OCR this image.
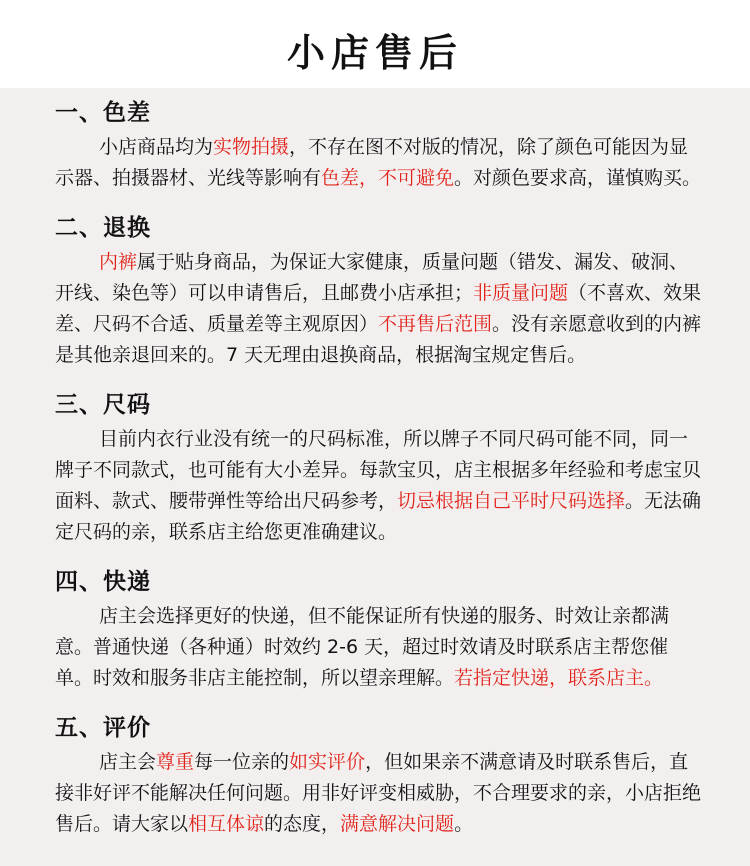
小店售后
一、色差
小店商品均为实物拍摄，不存在图不对版的情况，除了颜色可能因为显示器、拍摄器材、光线等影响有色差，不可避免。对颜色要求高，谨慎购买。
二、退换
内裤属于贴身商品，为保证大家健康，质量问题（错发、漏发、破洞、开线、染色等）可以申请售后，且邮费小店承担；非质量问题（不喜欢、效果差、尺码不合适、质量差等主观原因）不再售后范围。没有亲愿意收到的内裤是其他亲退回来的。7 天无理由退换商品，根据淘宝规定售后。
三、尺码
目前内衣行业没有统一的尺码标准，所以牌子不同尺码可能不同，同一牌子不同款式，也可能有大小差异。每款宝贝，店主根据多年经验和考虑宝贝面料、款式、腰带弹性等给出尺码参考，切忌根据自己平时尺码选择。无法确定尺码的亲，联系店主给您更准确建议。
四、快递
店主会选择更好的快递，但不能保证所有快递的服务、时效让亲都满意。普通快递（各种通）时效约 2-6 天，超过时效请及时联系店主帮您催单。时效和服务非店主能控制，所以望亲理解。若指定快递，联系店主。
五、评价
店主会尊重每一位亲的如实评价，但如果亲不满意请及时联系售后，直接非好评不能解决任何问题。用非好评变相威胁，不合理要求的亲，小店拒绝售后。请大家以相互体谅的态度，满意解决问题。
